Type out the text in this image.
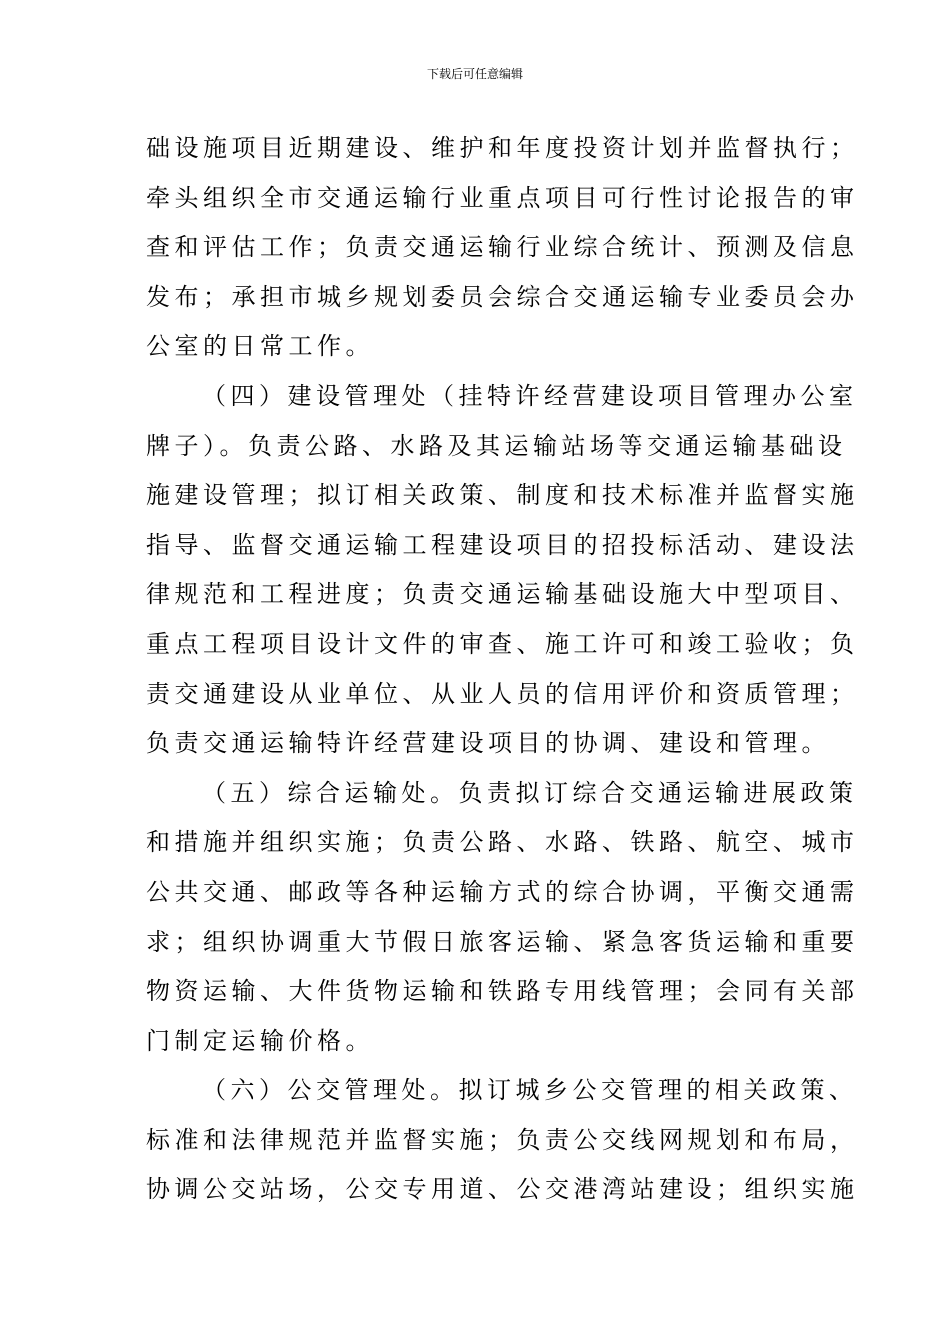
下载后可任意编辑
础设施项目近期建设、维护和年度投资计划并监督执行；
牵头组织全市交通运输行业重点项目可行性讨论报告的审
查和评估工作；负责交通运输行业综合统计、预测及信息
发布；承担市城乡规划委员会综合交通运输专业委员会办
公室的日常工作。
（四）建设管理处（挂特许经营建设项目管理办公室
牌子）。负责公路、水路及其运输站场等交通运输基础设
施建设管理；拟订相关政策、制度和技术标准并监督实施
指导、监督交通运输工程建设项目的招投标活动、建设法
律规范和工程进度；负责交通运输基础设施大中型项目、
重点工程项目设计文件的审查、施工许可和竣工验收；负
责交通建设从业单位、从业人员的信用评价和资质管理；
负责交通运输特许经营建设项目的协调、建设和管理。
（五）综合运输处。负责拟订综合交通运输进展政策
和措施并组织实施；负责公路、水路、铁路、航空、城市
公共交通、邮政等各种运输方式的综合协调，平衡交通需
求；组织协调重大节假日旅客运输、紧急客货运输和重要
物资运输、大件货物运输和铁路专用线管理；会同有关部
门制定运输价格。
（六）公交管理处。拟订城乡公交管理的相关政策、
标准和法律规范并监督实施；负责公交线网规划和布局，
协调公交站场，公交专用道、公交港湾站建设；组织实施
